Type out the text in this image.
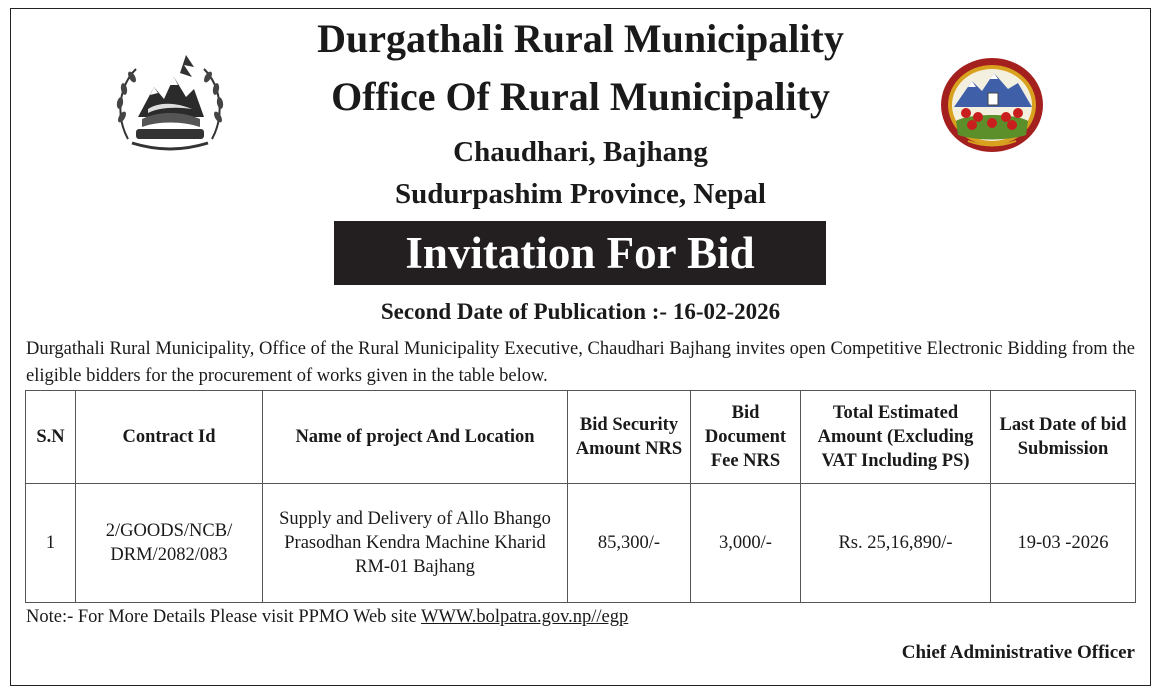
Durgathali Rural Municipality
Office Of Rural Municipality
Chaudhari, Bajhang
Sudurpashim Province, Nepal
Invitation For Bid
Second Date of Publication :- 16-02-2026

Durgathali Rural Municipality, Office of the Rural Municipality Executive, Chaudhari Bajhang invites open Competitive Electronic Bidding from the eligible bidders for the procurement of works given in the table below.

S.N	Contract Id	Name of project And Location	Bid Security Amount NRS	Bid Document Fee NRS	Total Estimated Amount (Excluding VAT Including PS)	Last Date of bid Submission
1	2/GOODS/NCB/ DRM/2082/083	Supply and Delivery of Allo Bhango Prasodhan Kendra Machine Kharid RM-01 Bajhang	85,300/-	3,000/-	Rs. 25,16,890/-	19-03 -2026
Note:- For More Details Please visit PPMO Web site WWW.bolpatra.gov.np//egp
Chief Administrative Officer
